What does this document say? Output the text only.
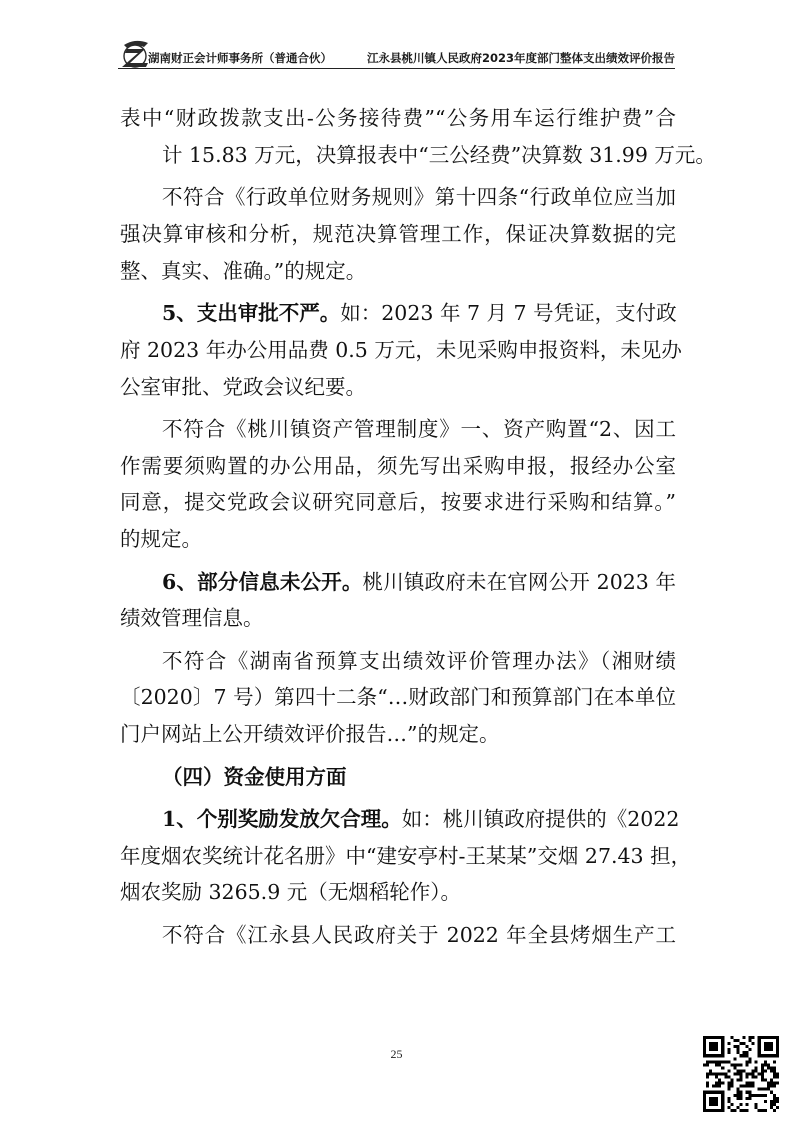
湖南财正会计师事务所（普通合伙）	江永县桃川镇人民政府2023年度部门整体支出绩效评价报告
表中“财政拨款支出-公务接待费”“公务用车运行维护费”合
计 15.83 万元，决算报表中“三公经费”决算数 31.99 万元。
不符合《行政单位财务规则》第十四条“行政单位应当加
强决算审核和分析，规范决算管理工作，保证决算数据的完
整、真实、准确。”的规定。
5、支出审批不严。如：2023 年 7 月 7 号凭证，支付政
府 2023 年办公用品费 0.5 万元，未见采购申报资料，未见办
公室审批、党政会议纪要。
不符合《桃川镇资产管理制度》一、资产购置“2、因工
作需要须购置的办公用品，须先写出采购申报，报经办公室
同意，提交党政会议研究同意后，按要求进行采购和结算。”
的规定。
6、部分信息未公开。桃川镇政府未在官网公开 2023 年
绩效管理信息。
不符合《湖南省预算支出绩效评价管理办法》（湘财绩
〔2020〕7 号）第四十二条“…财政部门和预算部门在本单位
门户网站上公开绩效评价报告…”的规定。
（四）资金使用方面
1、个别奖励发放欠合理。如：桃川镇政府提供的《2022
年度烟农奖统计花名册》中“建安亭村-王某某”交烟 27.43 担，
烟农奖励 3265.9 元（无烟稻轮作）。
不符合《江永县人民政府关于 2022 年全县烤烟生产工
25
